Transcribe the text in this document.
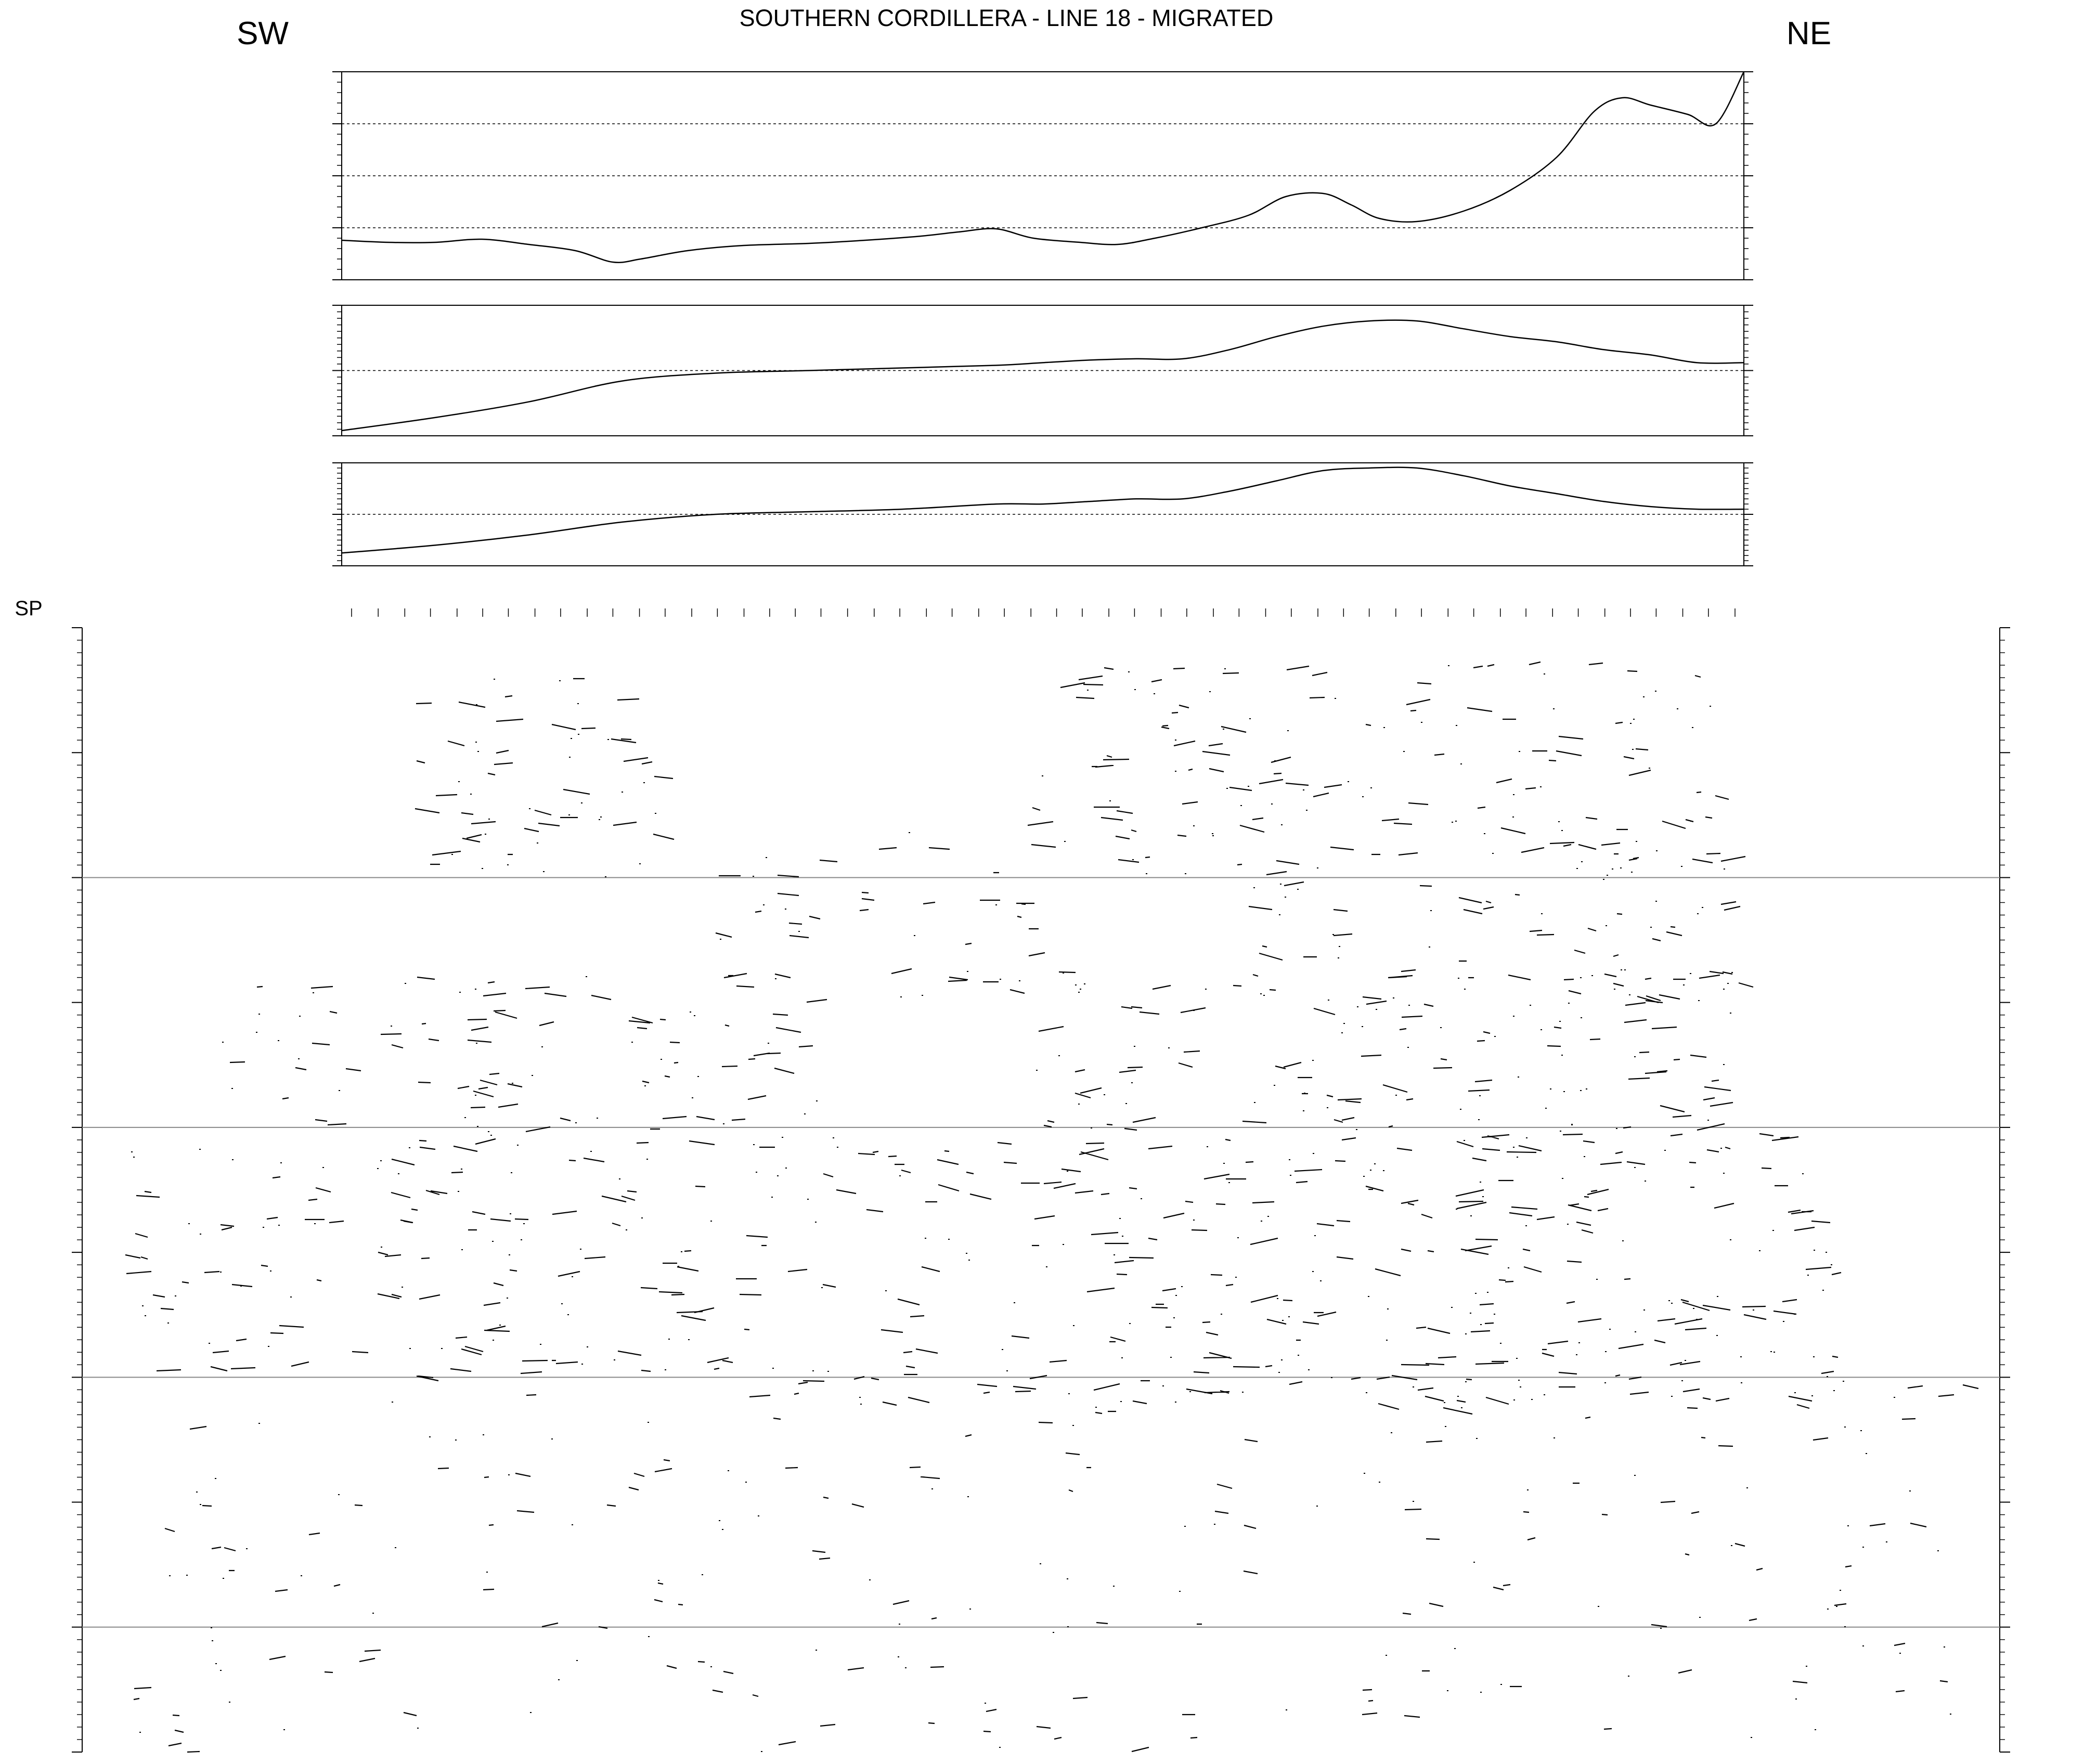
SOUTHERN CORDILLERA - LINE 18 - MIGRATED
SW	NE
SP
